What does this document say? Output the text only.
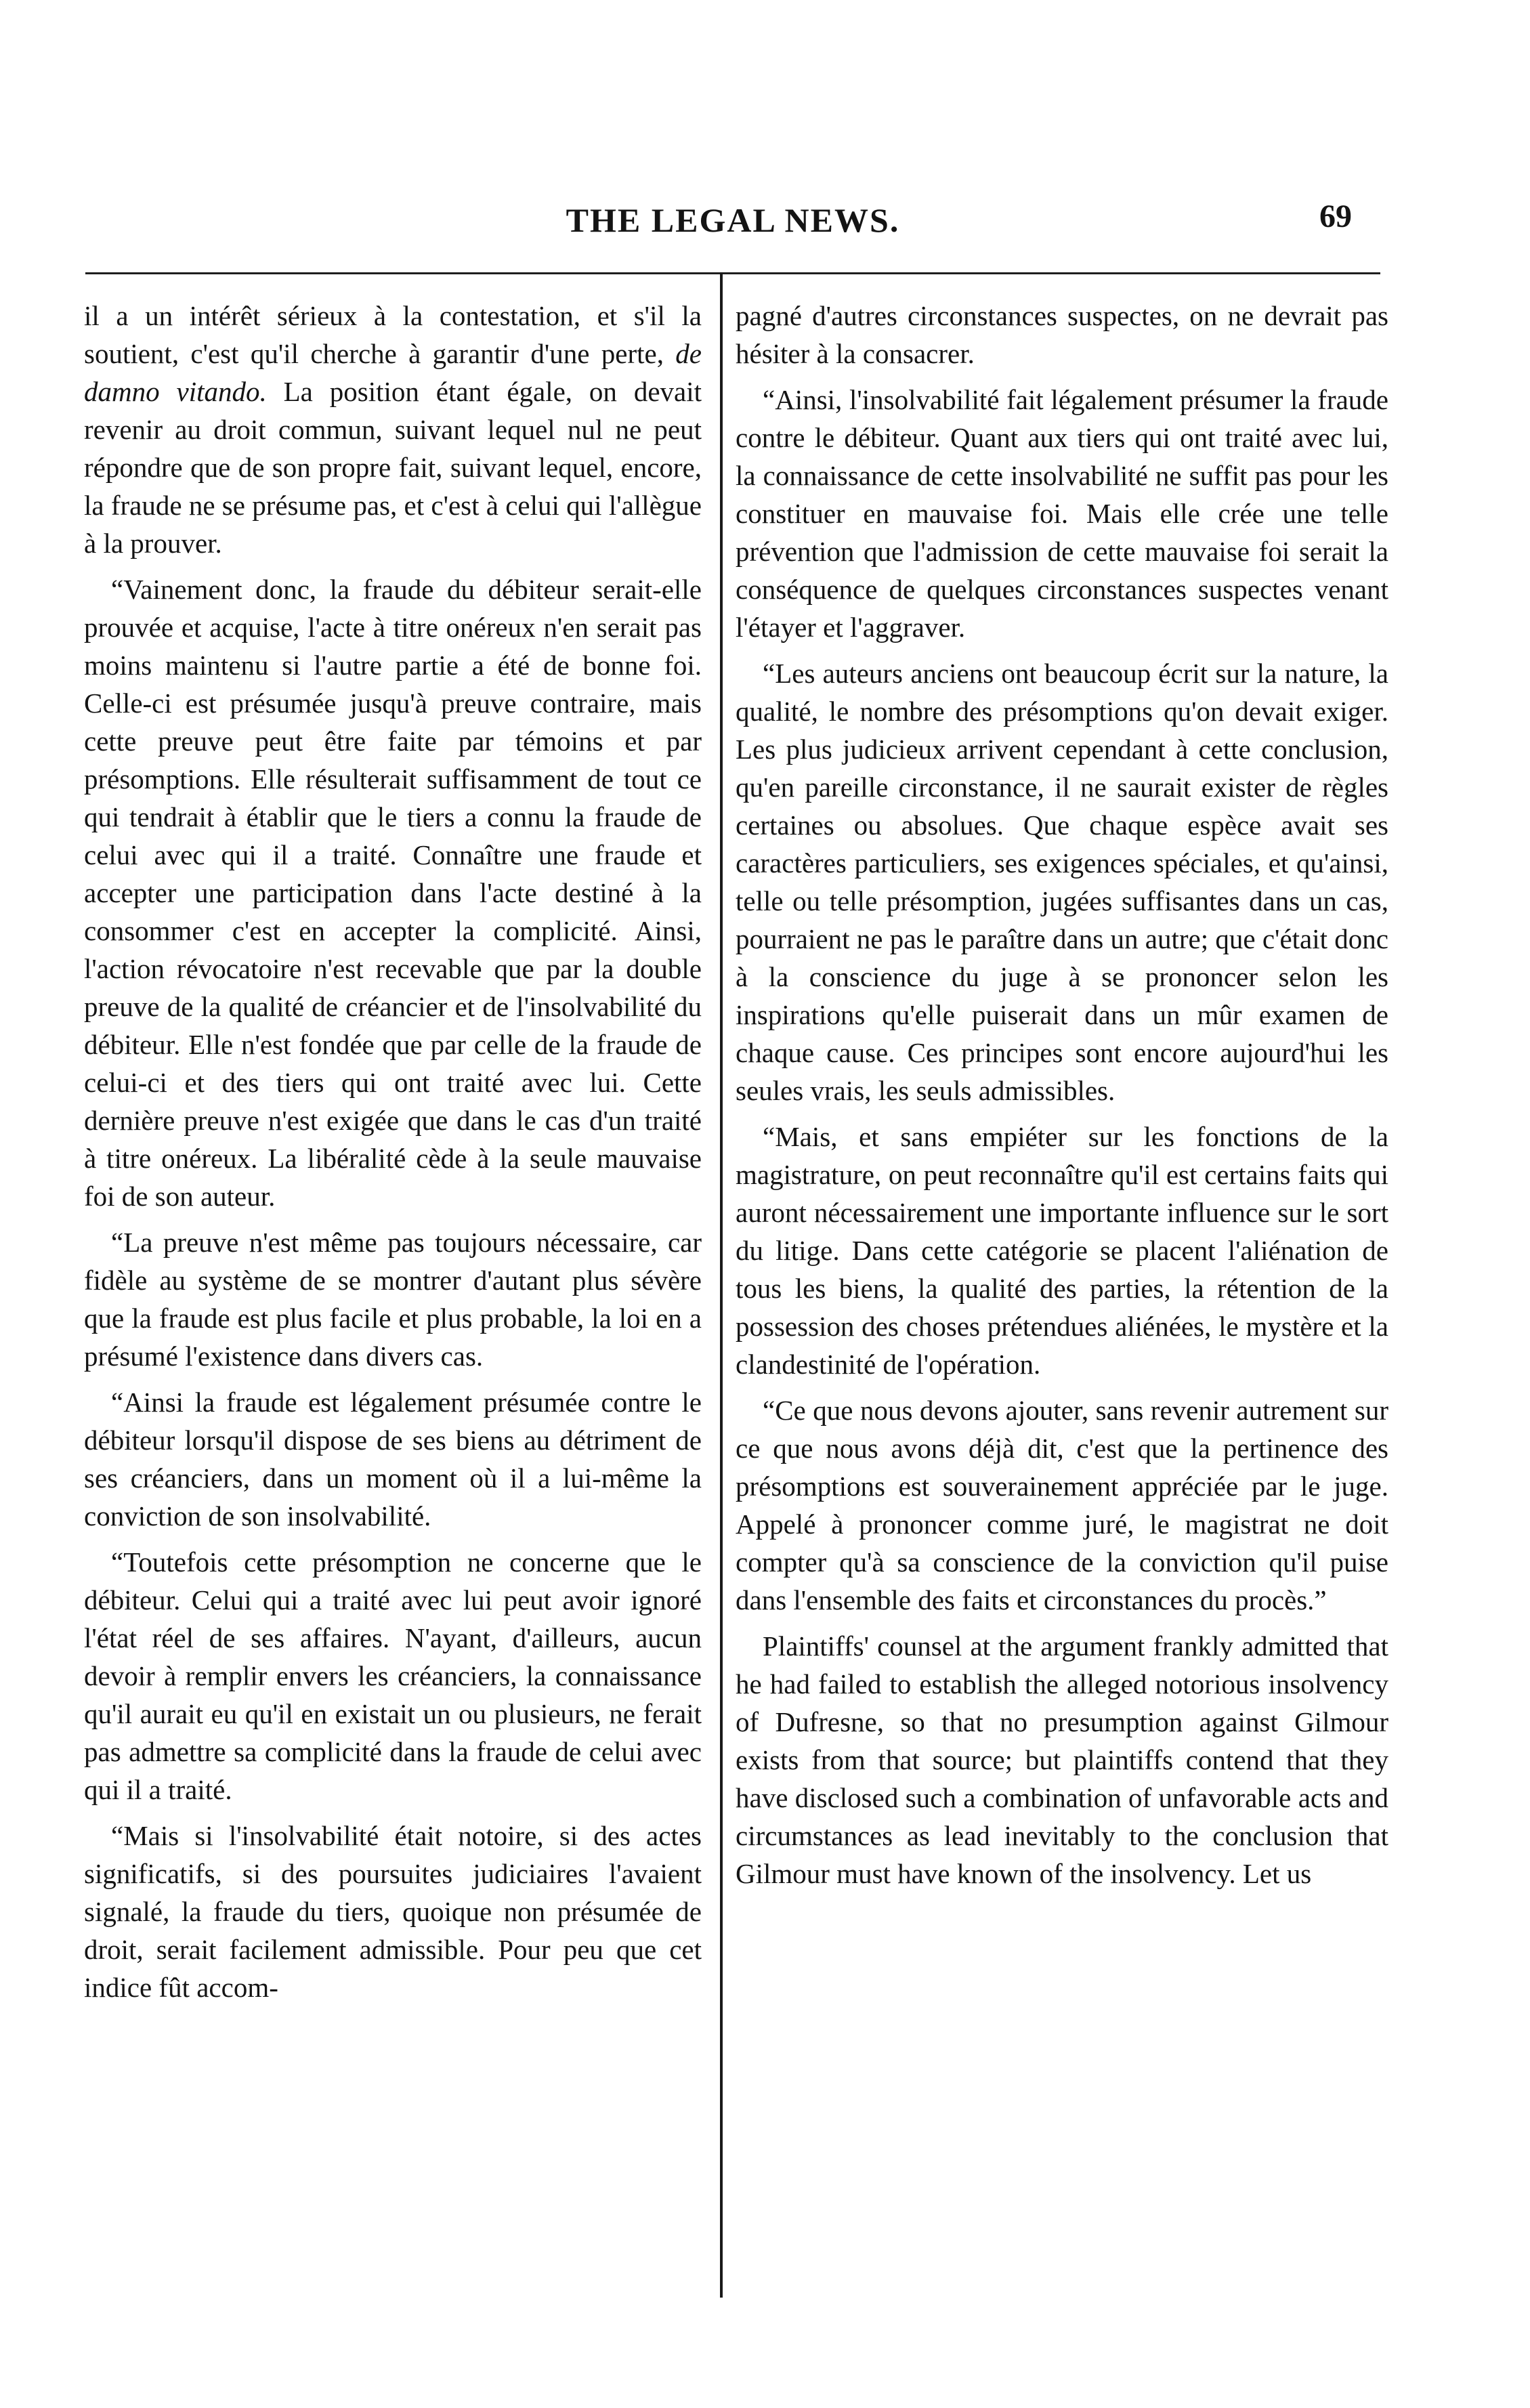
THE LEGAL NEWS.	69

il a un intérêt sérieux à la contestation, et s'il la soutient, c'est qu'il cherche à garantir d'une perte, de damno vitando. La position étant égale, on devait revenir au droit commun, suivant lequel nul ne peut répondre que de son propre fait, suivant lequel, encore, la fraude ne se présume pas, et c'est à celui qui l'allègue à la prouver.

“Vainement donc, la fraude du débiteur serait-elle prouvée et acquise, l'acte à titre onéreux n'en serait pas moins maintenu si l'autre partie a été de bonne foi. Celle-ci est présumée jusqu'à preuve contraire, mais cette preuve peut être faite par témoins et par présomptions. Elle résulterait suffisamment de tout ce qui tendrait à établir que le tiers a connu la fraude de celui avec qui il a traité. Connaître une fraude et accepter une participation dans l'acte destiné à la consommer c'est en accepter la complicité. Ainsi, l'action révocatoire n'est recevable que par la double preuve de la qualité de créancier et de l'insolvabilité du débiteur. Elle n'est fondée que par celle de la fraude de celui-ci et des tiers qui ont traité avec lui. Cette dernière preuve n'est exigée que dans le cas d'un traité à titre onéreux. La libéralité cède à la seule mauvaise foi de son auteur.

“La preuve n'est même pas toujours nécessaire, car fidèle au système de se montrer d'autant plus sévère que la fraude est plus facile et plus probable, la loi en a présumé l'existence dans divers cas.

“Ainsi la fraude est légalement présumée contre le débiteur lorsqu'il dispose de ses biens au détriment de ses créanciers, dans un moment où il a lui-même la conviction de son insolvabilité.

“Toutefois cette présomption ne concerne que le débiteur. Celui qui a traité avec lui peut avoir ignoré l'état réel de ses affaires. N'ayant, d'ailleurs, aucun devoir à remplir envers les créanciers, la connaissance qu'il aurait eu qu'il en existait un ou plusieurs, ne ferait pas admettre sa complicité dans la fraude de celui avec qui il a traité.

“Mais si l'insolvabilité était notoire, si des actes significatifs, si des poursuites judiciaires l'avaient signalé, la fraude du tiers, quoique non présumée de droit, serait facilement admissible. Pour peu que cet indice fût accom-

pagné d'autres circonstances suspectes, on ne devrait pas hésiter à la consacrer.

“Ainsi, l'insolvabilité fait légalement présumer la fraude contre le débiteur. Quant aux tiers qui ont traité avec lui, la connaissance de cette insolvabilité ne suffit pas pour les constituer en mauvaise foi. Mais elle crée une telle prévention que l'admission de cette mauvaise foi serait la conséquence de quelques circonstances suspectes venant l'étayer et l'aggraver.

“Les auteurs anciens ont beaucoup écrit sur la nature, la qualité, le nombre des présomptions qu'on devait exiger. Les plus judicieux arrivent cependant à cette conclusion, qu'en pareille circonstance, il ne saurait exister de règles certaines ou absolues. Que chaque espèce avait ses caractères particuliers, ses exigences spéciales, et qu'ainsi, telle ou telle présomption, jugées suffisantes dans un cas, pourraient ne pas le paraître dans un autre; que c'était donc à la conscience du juge à se prononcer selon les inspirations qu'elle puiserait dans un mûr examen de chaque cause. Ces principes sont encore aujourd'hui les seules vrais, les seuls admissibles.

“Mais, et sans empiéter sur les fonctions de la magistrature, on peut reconnaître qu'il est certains faits qui auront nécessairement une importante influence sur le sort du litige. Dans cette catégorie se placent l'aliénation de tous les biens, la qualité des parties, la rétention de la possession des choses prétendues aliénées, le mystère et la clandestinité de l'opération.

“Ce que nous devons ajouter, sans revenir autrement sur ce que nous avons déjà dit, c'est que la pertinence des présomptions est souverainement appréciée par le juge. Appelé à prononcer comme juré, le magistrat ne doit compter qu'à sa conscience de la conviction qu'il puise dans l'ensemble des faits et circonstances du procès.”

Plaintiffs' counsel at the argument frankly admitted that he had failed to establish the alleged notorious insolvency of Dufresne, so that no presumption against Gilmour exists from that source; but plaintiffs contend that they have disclosed such a combination of unfavorable acts and circumstances as lead inevitably to the conclusion that Gilmour must have known of the insolvency. Let us
